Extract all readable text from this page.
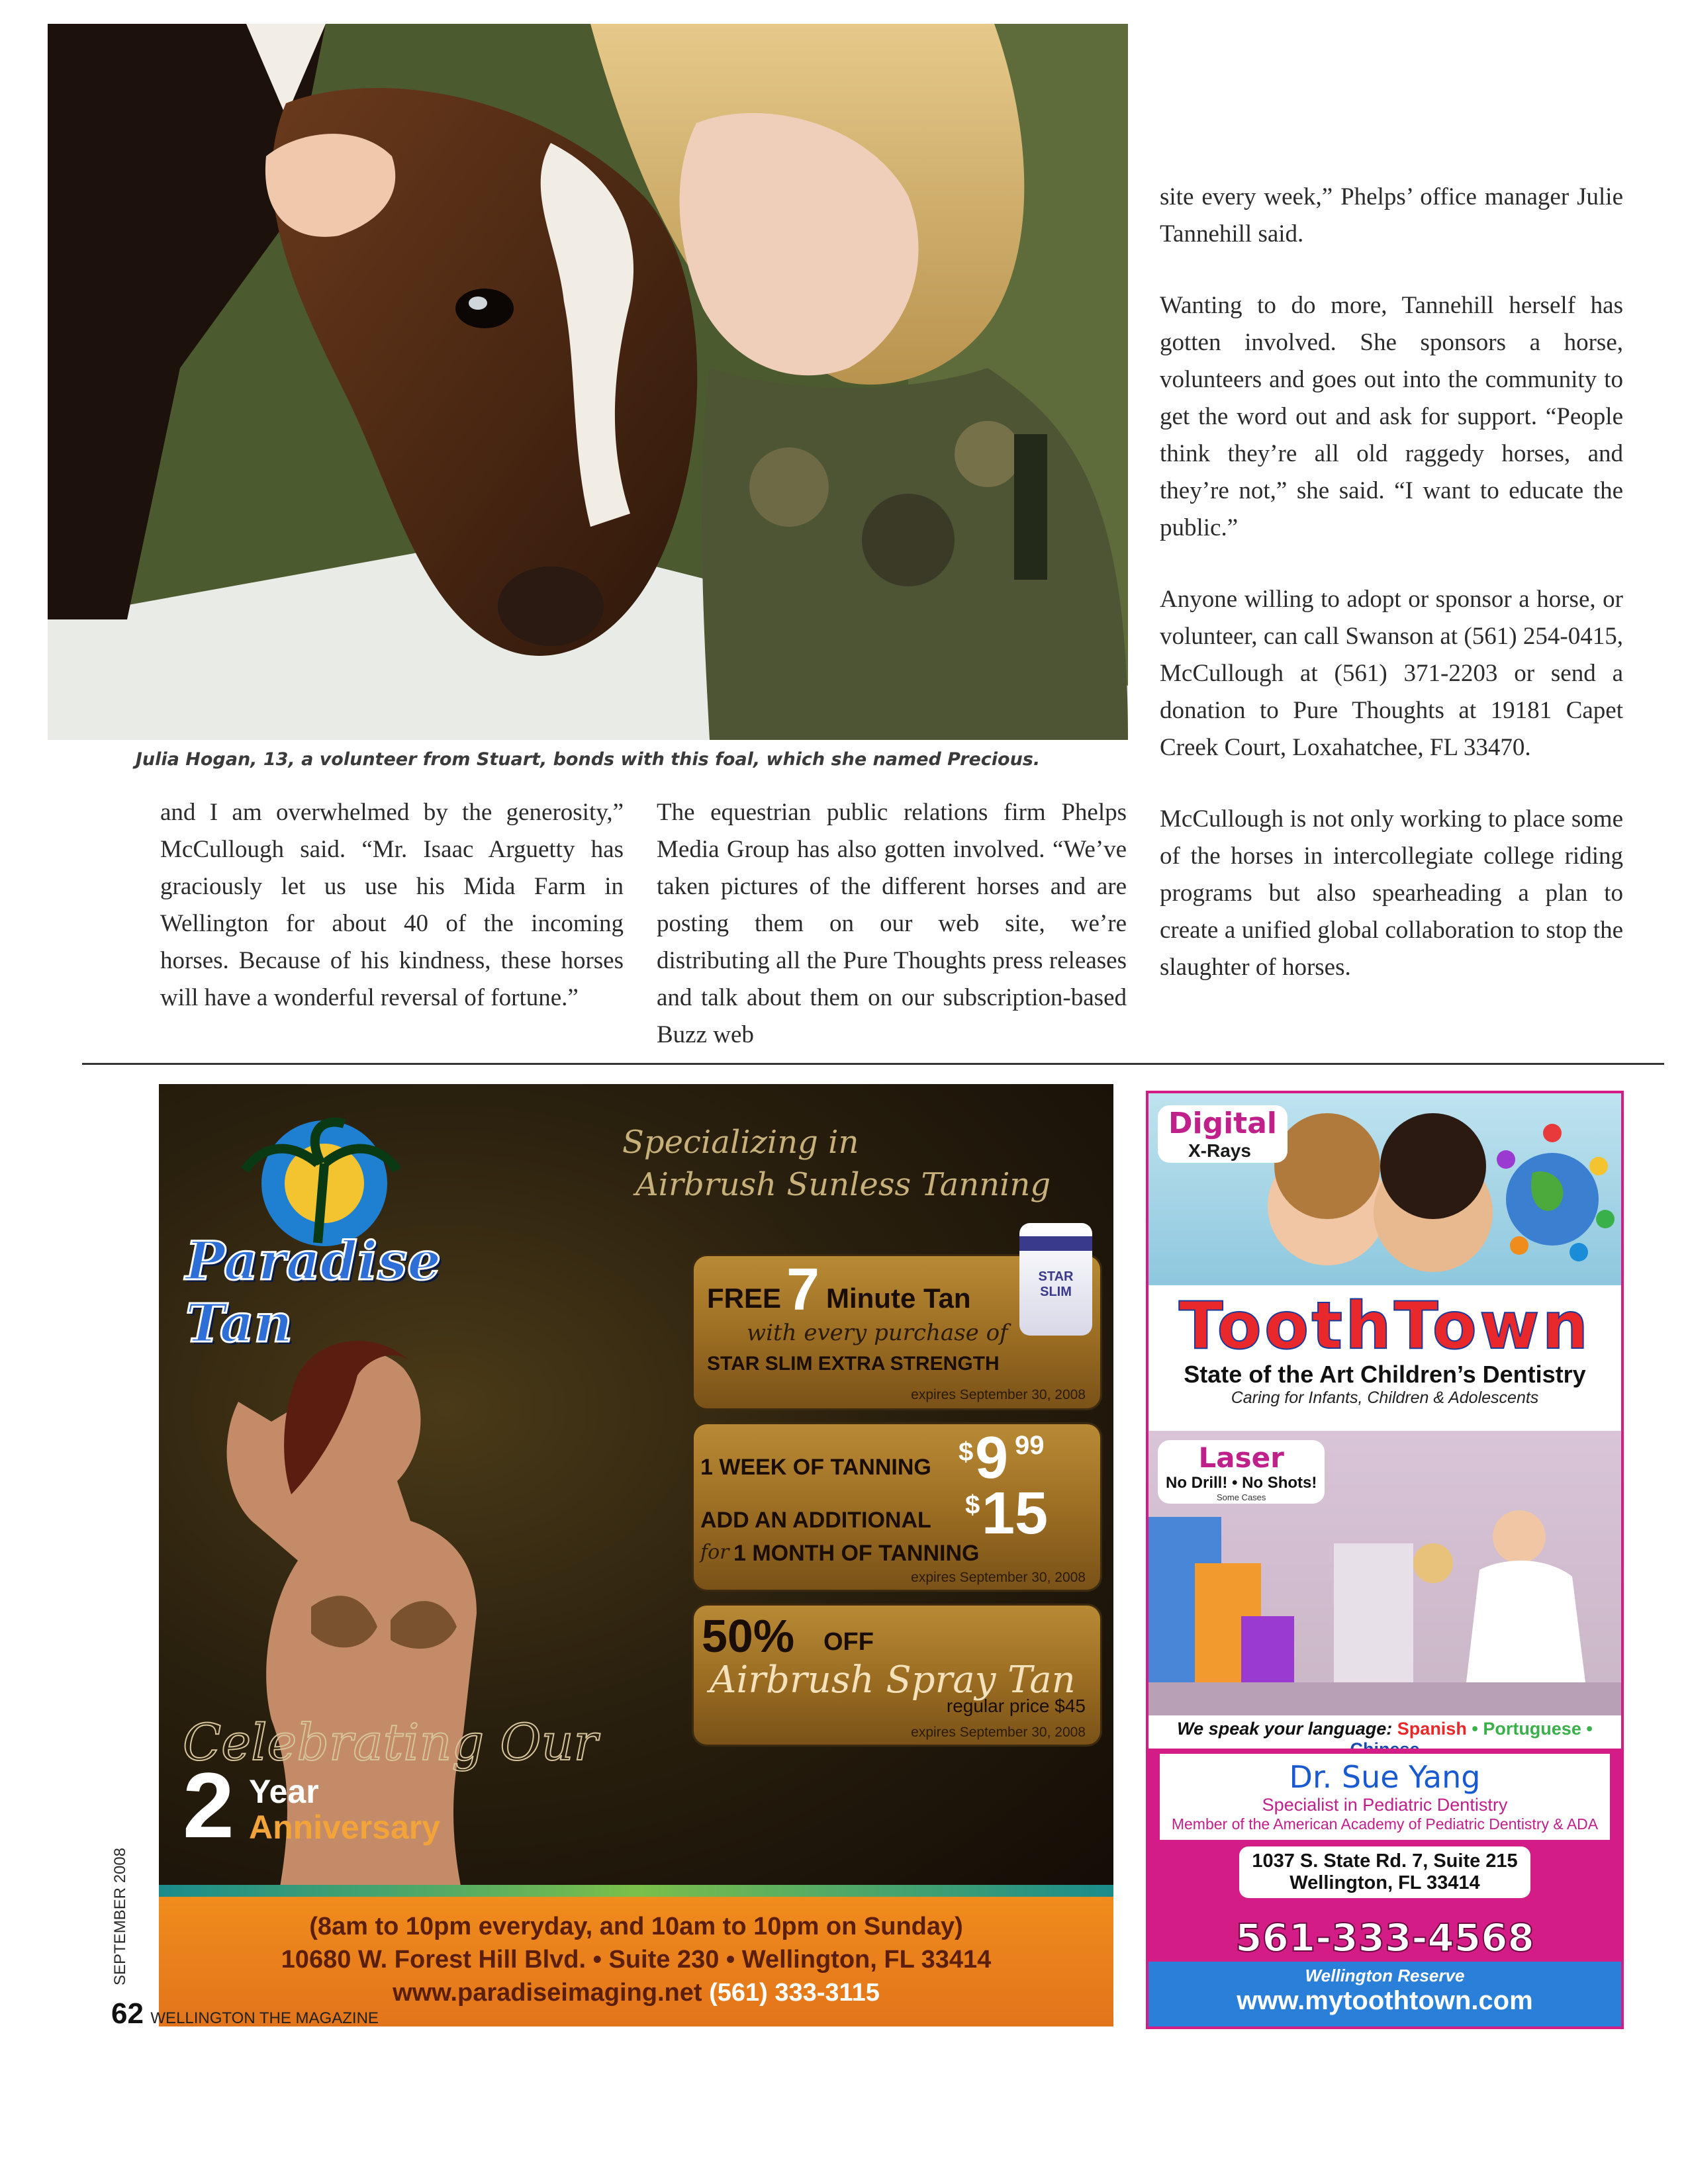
Julia Hogan, 13, a volunteer from Stuart, bonds with this foal, which she named Precious.

and I am overwhelmed by the generosity,” McCullough said. “Mr. Isaac Arguetty has graciously let us use his Mida Farm in Wellington for about 40 of the incoming horses. Because of his kindness, these horses will have a wonderful reversal of fortune.”

The equestrian public relations firm Phelps Media Group has also gotten involved. “We’ve taken pictures of the different horses and are posting them on our web site, we’re distributing all the Pure Thoughts press releases and talk about them on our subscription-based Buzz web

site every week,” Phelps’ office manager Julie Tannehill said.

Wanting to do more, Tannehill herself has gotten involved. She sponsors a horse, volunteers and goes out into the community to get the word out and ask for support. “People think they’re all old raggedy horses, and they’re not,” she said. “I want to educate the public.”

Anyone willing to adopt or sponsor a horse, or volunteer, can call Swanson at (561) 254-0415, McCullough at (561) 371-2203 or send a donation to Pure Thoughts at 19181 Capet Creek Court, Loxahatchee, FL 33470.

McCullough is not only working to place some of the horses in intercollegiate college riding programs but also spearheading a plan to create a unified global collaboration to stop the slaughter of horses.

Paradise Tan
Specializing in
Airbrush Sunless Tanning
FREE 7 Minute Tan
with every purchase of
STAR SLIM EXTRA STRENGTH
expires September 30, 2008
STAR SLIM
1 WEEK OF TANNING
$ 9 99
ADD AN ADDITIONAL
$ 15
for 1 MONTH OF TANNING
expires September 30, 2008
50% OFF
Airbrush Spray Tan
regular price $45
expires September 30, 2008
Celebrating Our
2 Year
Anniversary
(8am to 10pm everyday, and 10am to 10pm on Sunday)
10680 W. Forest Hill Blvd. • Suite 230 • Wellington, FL 33414
www.paradiseimaging.net (561) 333-3115
Digital
X-Rays
ToothTown
State of the Art Children’s Dentistry
Caring for Infants, Children & Adolescents
Laser
No Drill! • No Shots!
Some Cases
We speak your language: Spanish • Portuguese •
Dr. Sue Yang
Specialist in Pediatric Dentistry
Member of the American Academy of Pediatric Dentistry & ADA
1037 S. State Rd. 7, Suite 215
Wellington, FL 33414
561-333-4568
Wellington Reserve
www.mytoothtown.com
SEPTEMBER 2008
62 WELLINGTON THE MAGAZINE
